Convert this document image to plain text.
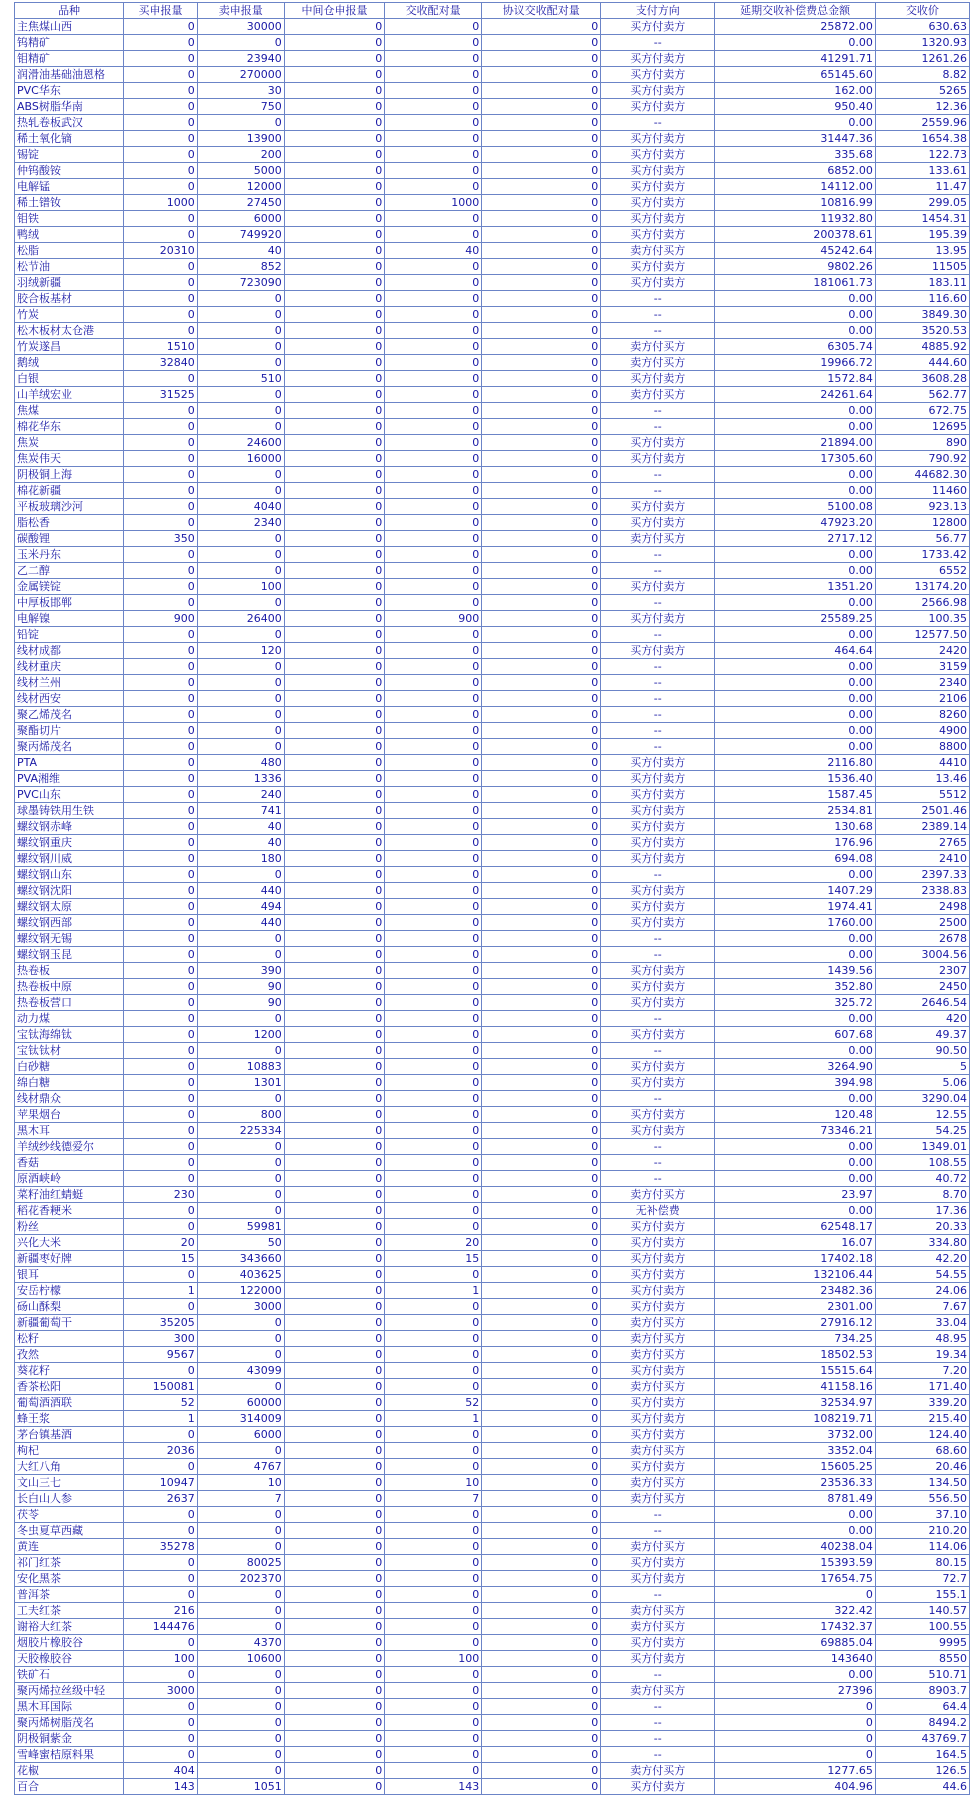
品种	买申报量	卖申报量	中间仓申报量	交收配对量	协议交收配对量	支付方向	延期交收补偿费总金额	交收价
主焦煤山西	0	30000	0	0	0	买方付卖方	25872.00	630.63
钨精矿	0	0	0	0	0	--	0.00	1320.93
钼精矿	0	23940	0	0	0	买方付卖方	41291.71	1261.26
润滑油基础油恩格	0	270000	0	0	0	买方付卖方	65145.60	8.82
PVC华东	0	30	0	0	0	买方付卖方	162.00	5265
ABS树脂华南	0	750	0	0	0	买方付卖方	950.40	12.36
热轧卷板武汉	0	0	0	0	0	--	0.00	2559.96
稀土氧化镝	0	13900	0	0	0	买方付卖方	31447.36	1654.38
锡锭	0	200	0	0	0	买方付卖方	335.68	122.73
仲钨酸铵	0	5000	0	0	0	买方付卖方	6852.00	133.61
电解锰	0	12000	0	0	0	买方付卖方	14112.00	11.47
稀土镨钕	1000	27450	0	1000	0	买方付卖方	10816.99	299.05
钼铁	0	6000	0	0	0	买方付卖方	11932.80	1454.31
鸭绒	0	749920	0	0	0	买方付卖方	200378.61	195.39
松脂	20310	40	0	40	0	卖方付买方	45242.64	13.95
松节油	0	852	0	0	0	买方付卖方	9802.26	11505
羽绒新疆	0	723090	0	0	0	买方付卖方	181061.73	183.11
胶合板基材	0	0	0	0	0	--	0.00	116.60
竹炭	0	0	0	0	0	--	0.00	3849.30
松木板材太仓港	0	0	0	0	0	--	0.00	3520.53
竹炭遂昌	1510	0	0	0	0	卖方付买方	6305.74	4885.92
鹅绒	32840	0	0	0	0	卖方付买方	19966.72	444.60
白银	0	510	0	0	0	买方付卖方	1572.84	3608.28
山羊绒宏业	31525	0	0	0	0	卖方付买方	24261.64	562.77
焦煤	0	0	0	0	0	--	0.00	672.75
棉花华东	0	0	0	0	0	--	0.00	12695
焦炭	0	24600	0	0	0	买方付卖方	21894.00	890
焦炭伟天	0	16000	0	0	0	买方付卖方	17305.60	790.92
阴极铜上海	0	0	0	0	0	--	0.00	44682.30
棉花新疆	0	0	0	0	0	--	0.00	11460
平板玻璃沙河	0	4040	0	0	0	买方付卖方	5100.08	923.13
脂松香	0	2340	0	0	0	买方付卖方	47923.20	12800
碳酸锂	350	0	0	0	0	卖方付买方	2717.12	56.77
玉米丹东	0	0	0	0	0	--	0.00	1733.42
乙二醇	0	0	0	0	0	--	0.00	6552
金属镁锭	0	100	0	0	0	买方付卖方	1351.20	13174.20
中厚板邯郸	0	0	0	0	0	--	0.00	2566.98
电解镍	900	26400	0	900	0	买方付卖方	25589.25	100.35
铅锭	0	0	0	0	0	--	0.00	12577.50
线材成都	0	120	0	0	0	买方付卖方	464.64	2420
线材重庆	0	0	0	0	0	--	0.00	3159
线材兰州	0	0	0	0	0	--	0.00	2340
线材西安	0	0	0	0	0	--	0.00	2106
聚乙烯茂名	0	0	0	0	0	--	0.00	8260
聚酯切片	0	0	0	0	0	--	0.00	4900
聚丙烯茂名	0	0	0	0	0	--	0.00	8800
PTA	0	480	0	0	0	买方付卖方	2116.80	4410
PVA湘维	0	1336	0	0	0	买方付卖方	1536.40	13.46
PVC山东	0	240	0	0	0	买方付卖方	1587.45	5512
球墨铸铁用生铁	0	741	0	0	0	买方付卖方	2534.81	2501.46
螺纹钢赤峰	0	40	0	0	0	买方付卖方	130.68	2389.14
螺纹钢重庆	0	40	0	0	0	买方付卖方	176.96	2765
螺纹钢川威	0	180	0	0	0	买方付卖方	694.08	2410
螺纹钢山东	0	0	0	0	0	--	0.00	2397.33
螺纹钢沈阳	0	440	0	0	0	买方付卖方	1407.29	2338.83
螺纹钢太原	0	494	0	0	0	买方付卖方	1974.41	2498
螺纹钢西部	0	440	0	0	0	买方付卖方	1760.00	2500
螺纹钢无锡	0	0	0	0	0	--	0.00	2678
螺纹钢玉昆	0	0	0	0	0	--	0.00	3004.56
热卷板	0	390	0	0	0	买方付卖方	1439.56	2307
热卷板中原	0	90	0	0	0	买方付卖方	352.80	2450
热卷板营口	0	90	0	0	0	买方付卖方	325.72	2646.54
动力煤	0	0	0	0	0	--	0.00	420
宝钛海绵钛	0	1200	0	0	0	买方付卖方	607.68	49.37
宝钛钛材	0	0	0	0	0	--	0.00	90.50
白砂糖	0	10883	0	0	0	买方付卖方	3264.90	5
绵白糖	0	1301	0	0	0	买方付卖方	394.98	5.06
线材鼎众	0	0	0	0	0	--	0.00	3290.04
苹果烟台	0	800	0	0	0	买方付卖方	120.48	12.55
黑木耳	0	225334	0	0	0	买方付卖方	73346.21	54.25
羊绒纱线德爱尔	0	0	0	0	0	--	0.00	1349.01
香菇	0	0	0	0	0	--	0.00	108.55
原酒峡岭	0	0	0	0	0	--	0.00	40.72
菜籽油红蜻蜓	230	0	0	0	0	卖方付买方	23.97	8.70
稻花香粳米	0	0	0	0	0	无补偿费	0.00	17.36
粉丝	0	59981	0	0	0	买方付卖方	62548.17	20.33
兴化大米	20	50	0	20	0	买方付卖方	16.07	334.80
新疆枣好牌	15	343660	0	15	0	买方付卖方	17402.18	42.20
银耳	0	403625	0	0	0	买方付卖方	132106.44	54.55
安岳柠檬	1	122000	0	1	0	买方付卖方	23482.36	24.06
砀山酥梨	0	3000	0	0	0	买方付卖方	2301.00	7.67
新疆葡萄干	35205	0	0	0	0	卖方付买方	27916.12	33.04
松籽	300	0	0	0	0	卖方付买方	734.25	48.95
孜然	9567	0	0	0	0	卖方付买方	18502.53	19.34
葵花籽	0	43099	0	0	0	买方付卖方	15515.64	7.20
香茶松阳	150081	0	0	0	0	卖方付买方	41158.16	171.40
葡萄酒酒联	52	60000	0	52	0	买方付卖方	32534.97	339.20
蜂王浆	1	314009	0	1	0	买方付卖方	108219.71	215.40
茅台镇基酒	0	6000	0	0	0	买方付卖方	3732.00	124.40
枸杞	2036	0	0	0	0	卖方付买方	3352.04	68.60
大红八角	0	4767	0	0	0	买方付卖方	15605.25	20.46
文山三七	10947	10	0	10	0	卖方付买方	23536.33	134.50
长白山人参	2637	7	0	7	0	卖方付买方	8781.49	556.50
茯苓	0	0	0	0	0	--	0.00	37.10
冬虫夏草西藏	0	0	0	0	0	--	0.00	210.20
黄连	35278	0	0	0	0	卖方付买方	40238.04	114.06
祁门红茶	0	80025	0	0	0	买方付卖方	15393.59	80.15
安化黑茶	0	202370	0	0	0	买方付卖方	17654.75	72.7
普洱茶	0	0	0	0	0	--	0	155.1
工夫红茶	216	0	0	0	0	卖方付买方	322.42	140.57
谢裕大红茶	144476	0	0	0	0	卖方付买方	17432.37	100.55
烟胶片橡胶谷	0	4370	0	0	0	买方付卖方	69885.04	9995
天胶橡胶谷	100	10600	0	100	0	买方付卖方	143640	8550
铁矿石	0	0	0	0	0	--	0.00	510.71
聚丙烯拉丝级中轻	3000	0	0	0	0	卖方付买方	27396	8903.7
黑木耳国际	0	0	0	0	0	--	0	64.4
聚丙烯树脂茂名	0	0	0	0	0	--	0	8494.2
阴极铜紫金	0	0	0	0	0	--	0	43769.7
雪峰蜜桔原料果	0	0	0	0	0	--	0	164.5
花椒	404	0	0	0	0	卖方付买方	1277.65	126.5
百合	143	1051	0	143	0	买方付卖方	404.96	44.6
